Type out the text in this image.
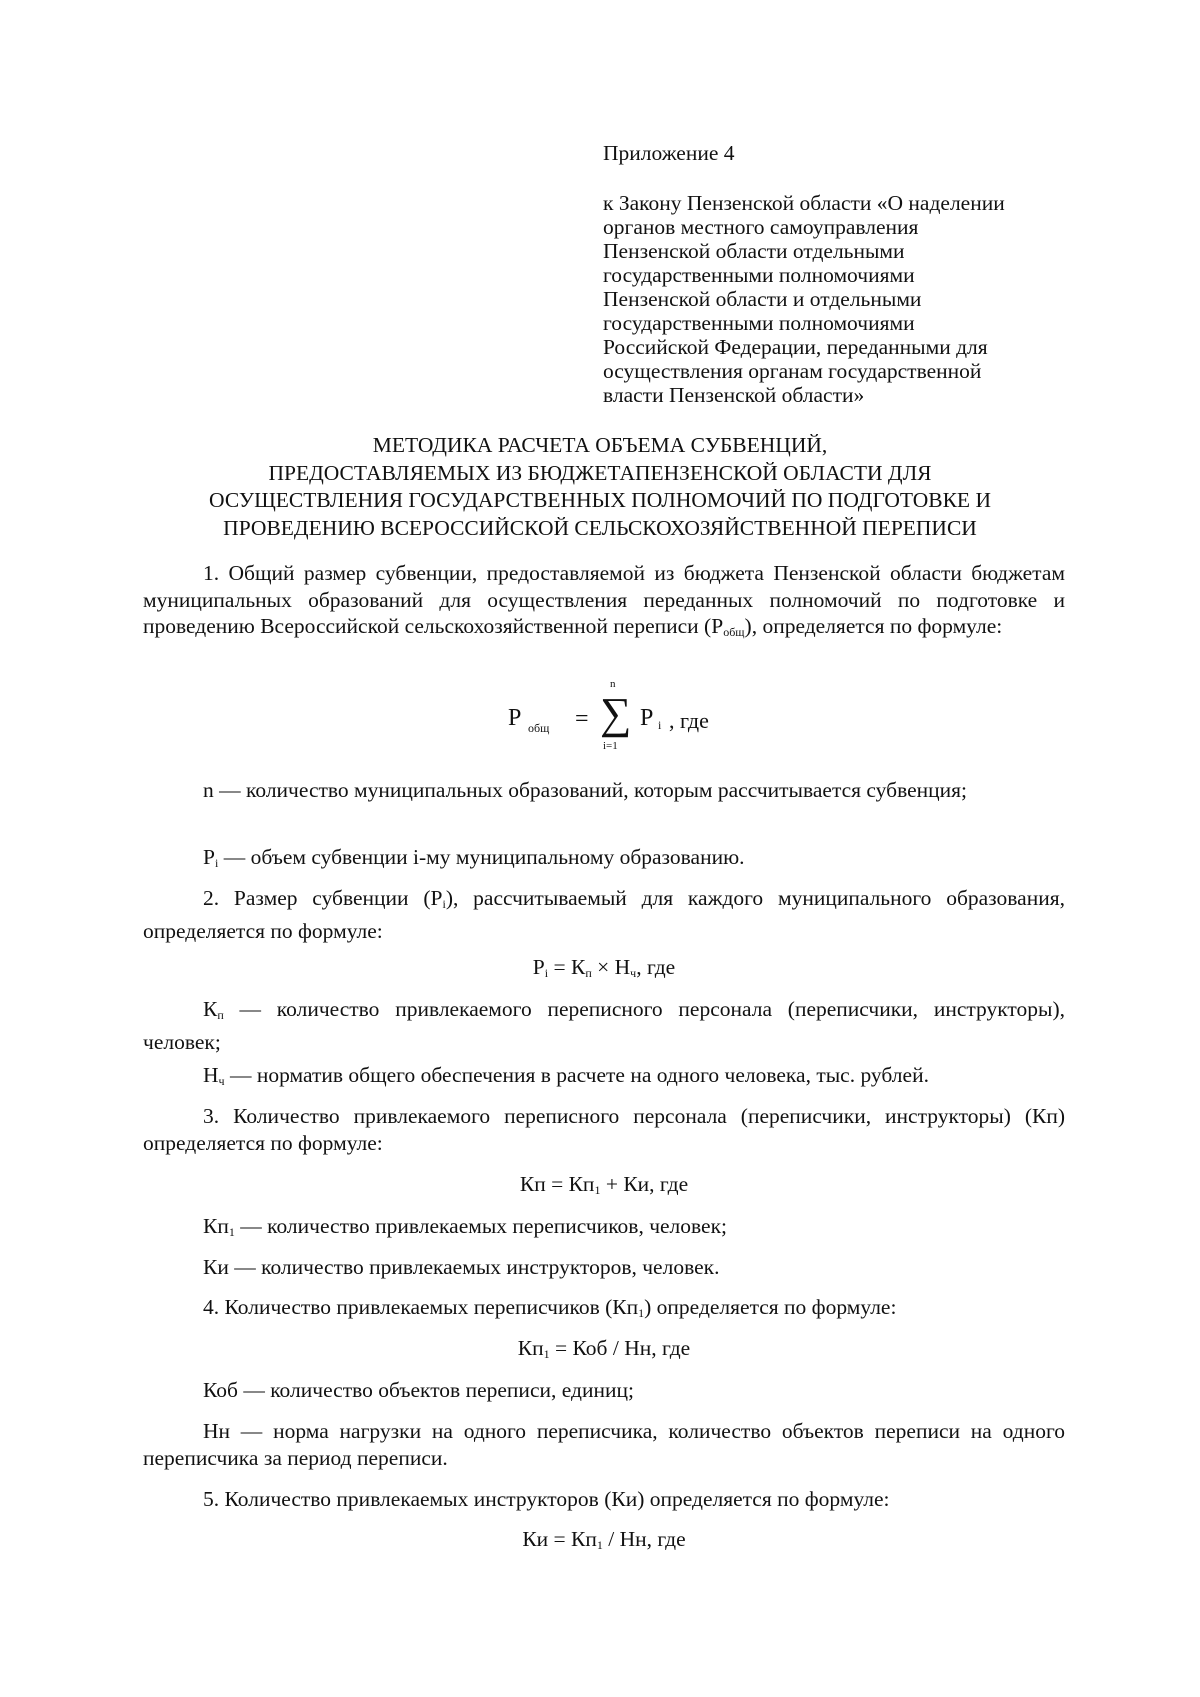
Приложение 4
к Закону Пензенской области «О наделении
органов местного самоуправления
Пензенской области отдельными
государственными полномочиями
Пензенской области и отдельными
государственными полномочиями
Российской Федерации, переданными для
осуществления органам государственной
власти Пензенской области»
МЕТОДИКА РАСЧЕТА ОБЪЕМА СУБВЕНЦИЙ,
ПРЕДОСТАВЛЯЕМЫХ ИЗ БЮДЖЕТАПЕНЗЕНСКОЙ ОБЛАСТИ ДЛЯ
ОСУЩЕСТВЛЕНИЯ ГОСУДАРСТВЕННЫХ ПОЛНОМОЧИЙ ПО ПОДГОТОВКЕ И
ПРОВЕДЕНИЮ ВСЕРОССИЙСКОЙ СЕЛЬСКОХОЗЯЙСТВЕННОЙ ПЕРЕПИСИ
1. Общий размер субвенции, предоставляемой из бюджета Пензенской области бюджетам муниципальных образований для осуществления переданных полномочий по подготовке и проведению Всероссийской сельскохозяйственной переписи $(Р_{общ})$, определяется по формуле:
Р общ =
n
∑
i=1
Р i , где
n — количество муниципальных образований, которым рассчитывается субвенция;
$Р_i$ — объем субвенции i-му муниципальному образованию.
2. Размер субвенции $(Р_i)$, рассчитываемый для каждого муниципального образования, определяется по формуле:
$Р_i = К_п \times Н_ч$, где
$К_п$ — количество привлекаемого переписного персонала (переписчики, инструкторы), человек;
$Н_ч$ — норматив общего обеспечения в расчете на одного человека, тыс. рублей.
3. Количество привлекаемого переписного персонала (переписчики, инструкторы) (Кп) определяется по формуле:
Кп = $Кп_1$ + Ки, где
$Кп_1$ — количество привлекаемых переписчиков, человек;
Ки — количество привлекаемых инструкторов, человек.
4. Количество привлекаемых переписчиков $(Кп_1)$ определяется по формуле:
$Кп_1$ = Коб / Нн, где
Коб — количество объектов переписи, единиц;
Нн — норма нагрузки на одного переписчика, количество объектов переписи на одного переписчика за период переписи.
5. Количество привлекаемых инструкторов (Ки) определяется по формуле:
Ки = $Кп_1$ / Нн, где
